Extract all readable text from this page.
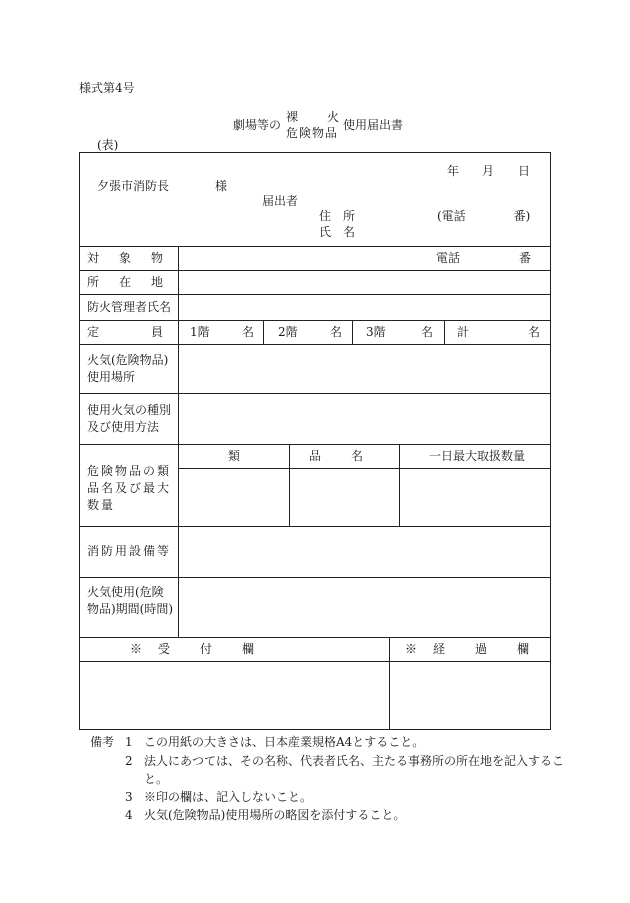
様式第4号
劇場等の
裸 火
危険物品
使用届出書
(表)
年 月 日
夕張市消防長	様
届出者
住　所	(電話　　　　番)
氏　名
対　象　物	電話	番
所　在　地
防火管理者氏名
定　　　員 1階	名 2階	名 3階	名 計	名
火気(危険物品)使用場所
使用火気の種別及び使用方法
類	品　　名	一日最大取扱数量
危険物品の類品名及び最大数量
消防用設備等
火気使用(危険物品)期間(時間)
※　受　　付　　欄	※　経　　過　　欄
備考 1 この用紙の大きさは、日本産業規格A4とすること。
2 法人にあつては、その名称、代表者氏名、主たる事務所の所在地を記入するこ
と。
3 ※印の欄は、記入しないこと。
4 火気(危険物品)使用場所の略図を添付すること。
